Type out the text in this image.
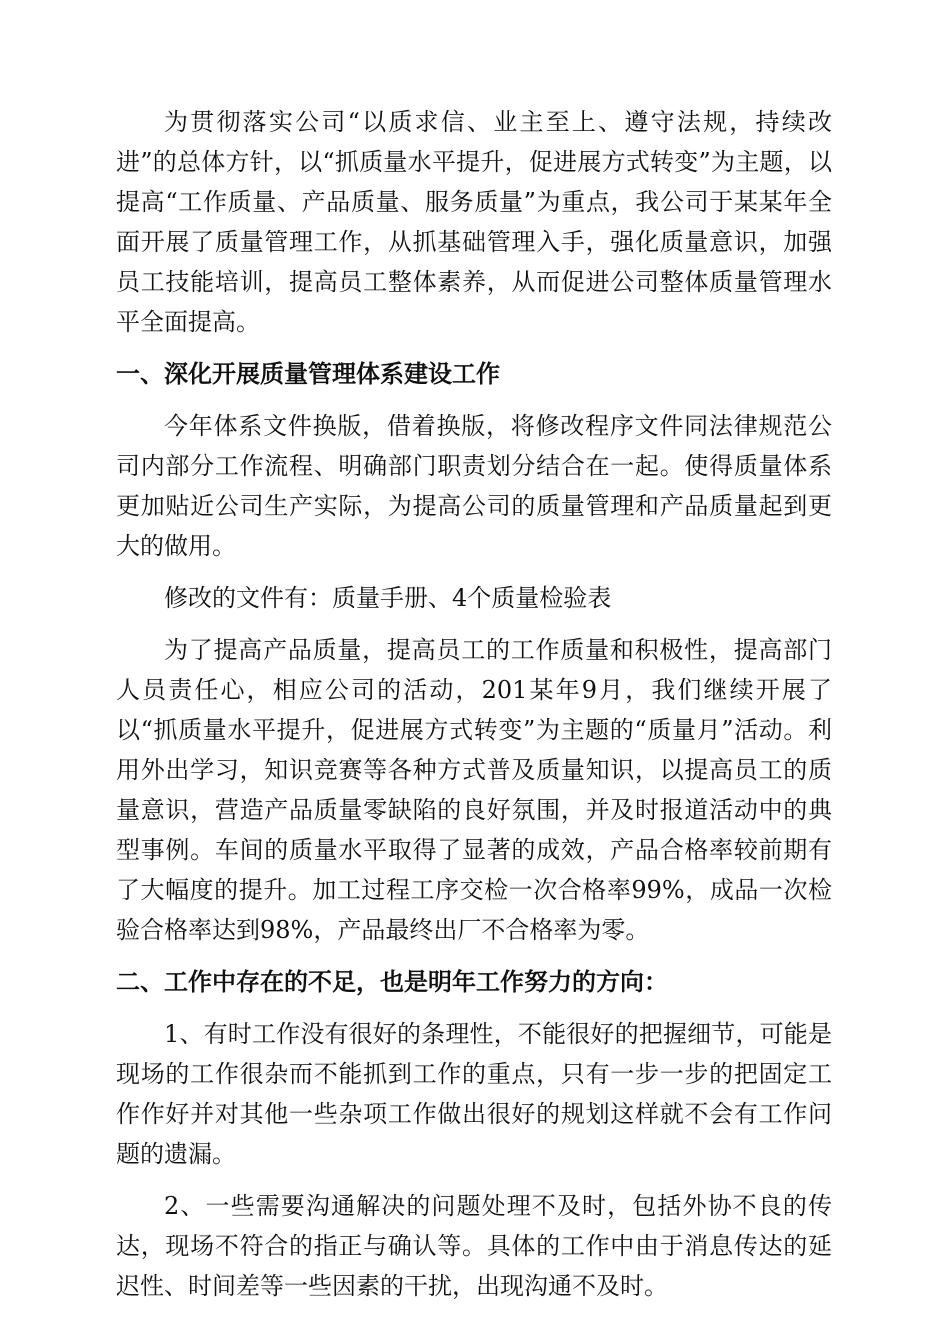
为贯彻落实公司“以质求信、业主至上、遵守法规，持续改进”的总体方针，以“抓质量水平提升，促进展方式转变”为主题，以提高“工作质量、产品质量、服务质量”为重点，我公司于某某年全面开展了质量管理工作，从抓基础管理入手，强化质量意识，加强员工技能培训，提高员工整体素养，从而促进公司整体质量管理水平全面提高。

一、深化开展质量管理体系建设工作

今年体系文件换版，借着换版，将修改程序文件同法律规范公司内部分工作流程、明确部门职责划分结合在一起。使得质量体系更加贴近公司生产实际，为提高公司的质量管理和产品质量起到更大的做用。

修改的文件有：质量手册、4个质量检验表

为了提高产品质量，提高员工的工作质量和积极性，提高部门人员责任心，相应公司的活动，201某年9月，我们继续开展了以“抓质量水平提升，促进展方式转变”为主题的“质量月”活动。利用外出学习，知识竞赛等各种方式普及质量知识，以提高员工的质量意识，营造产品质量零缺陷的良好氛围，并及时报道活动中的典型事例。车间的质量水平取得了显著的成效，产品合格率较前期有了大幅度的提升。加工过程工序交检一次合格率99%，成品一次检验合格率达到98%，产品最终出厂不合格率为零。

二、工作中存在的不足，也是明年工作努力的方向：

1、有时工作没有很好的条理性，不能很好的把握细节，可能是现场的工作很杂而不能抓到工作的重点，只有一步一步的把固定工作作好并对其他一些杂项工作做出很好的规划这样就不会有工作问题的遗漏。

2、一些需要沟通解决的问题处理不及时，包括外协不良的传达，现场不符合的指正与确认等。具体的工作中由于消息传达的延迟性、时间差等一些因素的干扰，出现沟通不及时。
